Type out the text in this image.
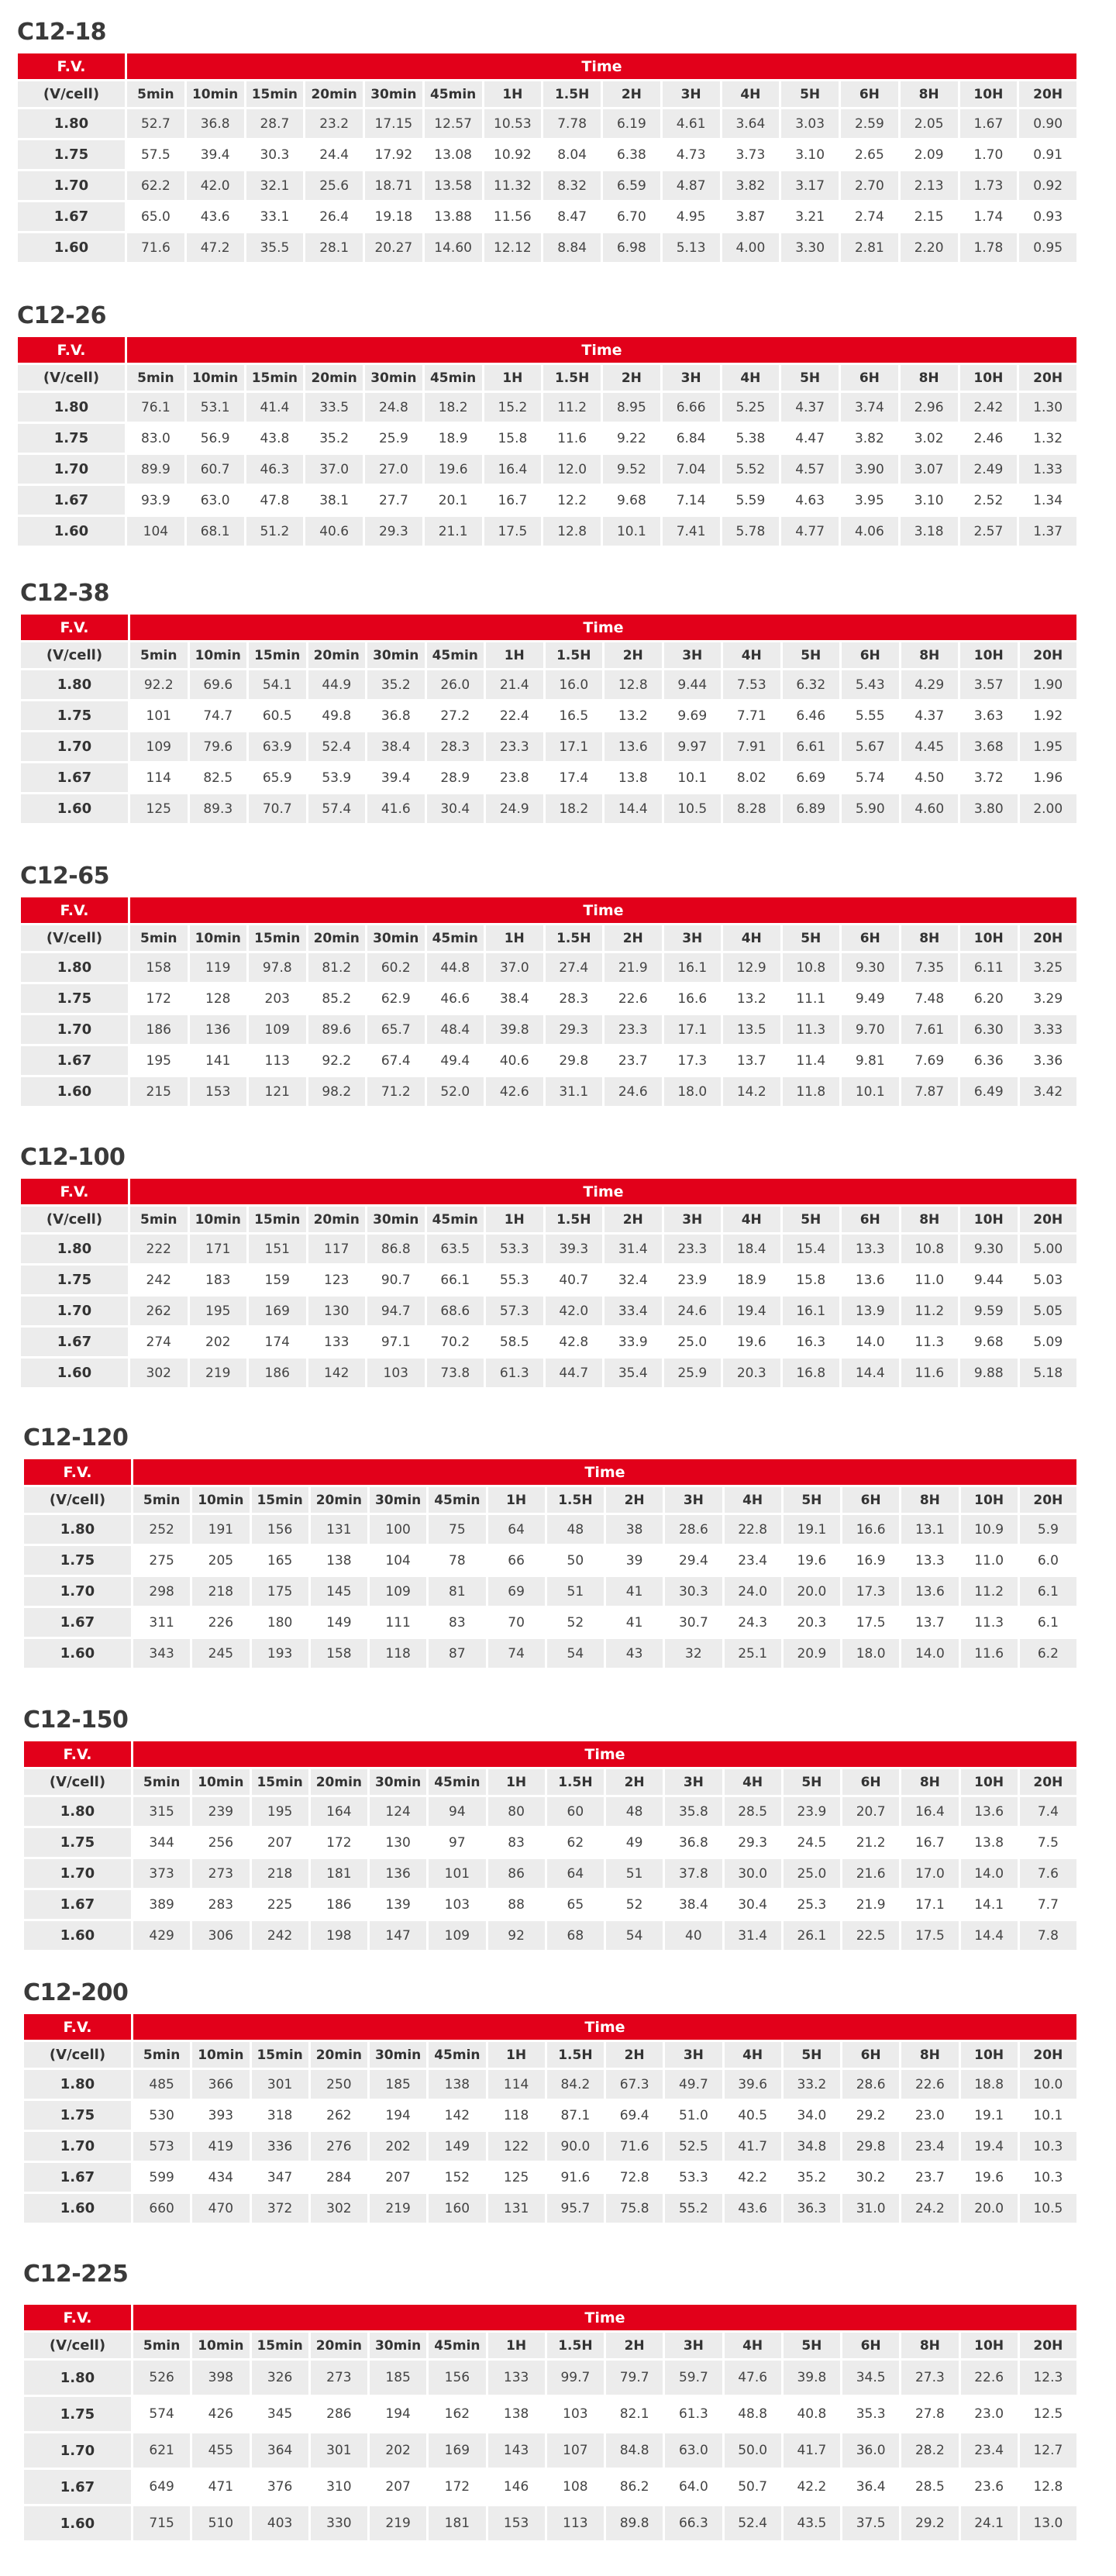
C12-18
F.V.	Time															
(V/cell)	5min	10min	15min	20min	30min	45min	1H	1.5H	2H	3H	4H	5H	6H	8H	10H	20H
1.80	52.7	36.8	28.7	23.2	17.15	12.57	10.53	7.78	6.19	4.61	3.64	3.03	2.59	2.05	1.67	0.90
1.75	57.5	39.4	30.3	24.4	17.92	13.08	10.92	8.04	6.38	4.73	3.73	3.10	2.65	2.09	1.70	0.91
1.70	62.2	42.0	32.1	25.6	18.71	13.58	11.32	8.32	6.59	4.87	3.82	3.17	2.70	2.13	1.73	0.92
1.67	65.0	43.6	33.1	26.4	19.18	13.88	11.56	8.47	6.70	4.95	3.87	3.21	2.74	2.15	1.74	0.93
1.60	71.6	47.2	35.5	28.1	20.27	14.60	12.12	8.84	6.98	5.13	4.00	3.30	2.81	2.20	1.78	0.95
C12-26
F.V.	Time															
(V/cell)	5min	10min	15min	20min	30min	45min	1H	1.5H	2H	3H	4H	5H	6H	8H	10H	20H
1.80	76.1	53.1	41.4	33.5	24.8	18.2	15.2	11.2	8.95	6.66	5.25	4.37	3.74	2.96	2.42	1.30
1.75	83.0	56.9	43.8	35.2	25.9	18.9	15.8	11.6	9.22	6.84	5.38	4.47	3.82	3.02	2.46	1.32
1.70	89.9	60.7	46.3	37.0	27.0	19.6	16.4	12.0	9.52	7.04	5.52	4.57	3.90	3.07	2.49	1.33
1.67	93.9	63.0	47.8	38.1	27.7	20.1	16.7	12.2	9.68	7.14	5.59	4.63	3.95	3.10	2.52	1.34
1.60	104	68.1	51.2	40.6	29.3	21.1	17.5	12.8	10.1	7.41	5.78	4.77	4.06	3.18	2.57	1.37
C12-38
F.V.	Time															
(V/cell)	5min	10min	15min	20min	30min	45min	1H	1.5H	2H	3H	4H	5H	6H	8H	10H	20H
1.80	92.2	69.6	54.1	44.9	35.2	26.0	21.4	16.0	12.8	9.44	7.53	6.32	5.43	4.29	3.57	1.90
1.75	101	74.7	60.5	49.8	36.8	27.2	22.4	16.5	13.2	9.69	7.71	6.46	5.55	4.37	3.63	1.92
1.70	109	79.6	63.9	52.4	38.4	28.3	23.3	17.1	13.6	9.97	7.91	6.61	5.67	4.45	3.68	1.95
1.67	114	82.5	65.9	53.9	39.4	28.9	23.8	17.4	13.8	10.1	8.02	6.69	5.74	4.50	3.72	1.96
1.60	125	89.3	70.7	57.4	41.6	30.4	24.9	18.2	14.4	10.5	8.28	6.89	5.90	4.60	3.80	2.00
C12-65
F.V.	Time															
(V/cell)	5min	10min	15min	20min	30min	45min	1H	1.5H	2H	3H	4H	5H	6H	8H	10H	20H
1.80	158	119	97.8	81.2	60.2	44.8	37.0	27.4	21.9	16.1	12.9	10.8	9.30	7.35	6.11	3.25
1.75	172	128	203	85.2	62.9	46.6	38.4	28.3	22.6	16.6	13.2	11.1	9.49	7.48	6.20	3.29
1.70	186	136	109	89.6	65.7	48.4	39.8	29.3	23.3	17.1	13.5	11.3	9.70	7.61	6.30	3.33
1.67	195	141	113	92.2	67.4	49.4	40.6	29.8	23.7	17.3	13.7	11.4	9.81	7.69	6.36	3.36
1.60	215	153	121	98.2	71.2	52.0	42.6	31.1	24.6	18.0	14.2	11.8	10.1	7.87	6.49	3.42
C12-100
F.V.	Time															
(V/cell)	5min	10min	15min	20min	30min	45min	1H	1.5H	2H	3H	4H	5H	6H	8H	10H	20H
1.80	222	171	151	117	86.8	63.5	53.3	39.3	31.4	23.3	18.4	15.4	13.3	10.8	9.30	5.00
1.75	242	183	159	123	90.7	66.1	55.3	40.7	32.4	23.9	18.9	15.8	13.6	11.0	9.44	5.03
1.70	262	195	169	130	94.7	68.6	57.3	42.0	33.4	24.6	19.4	16.1	13.9	11.2	9.59	5.05
1.67	274	202	174	133	97.1	70.2	58.5	42.8	33.9	25.0	19.6	16.3	14.0	11.3	9.68	5.09
1.60	302	219	186	142	103	73.8	61.3	44.7	35.4	25.9	20.3	16.8	14.4	11.6	9.88	5.18
C12-120
F.V.	Time															
(V/cell)	5min	10min	15min	20min	30min	45min	1H	1.5H	2H	3H	4H	5H	6H	8H	10H	20H
1.80	252	191	156	131	100	75	64	48	38	28.6	22.8	19.1	16.6	13.1	10.9	5.9
1.75	275	205	165	138	104	78	66	50	39	29.4	23.4	19.6	16.9	13.3	11.0	6.0
1.70	298	218	175	145	109	81	69	51	41	30.3	24.0	20.0	17.3	13.6	11.2	6.1
1.67	311	226	180	149	111	83	70	52	41	30.7	24.3	20.3	17.5	13.7	11.3	6.1
1.60	343	245	193	158	118	87	74	54	43	32	25.1	20.9	18.0	14.0	11.6	6.2
C12-150
F.V.	Time															
(V/cell)	5min	10min	15min	20min	30min	45min	1H	1.5H	2H	3H	4H	5H	6H	8H	10H	20H
1.80	315	239	195	164	124	94	80	60	48	35.8	28.5	23.9	20.7	16.4	13.6	7.4
1.75	344	256	207	172	130	97	83	62	49	36.8	29.3	24.5	21.2	16.7	13.8	7.5
1.70	373	273	218	181	136	101	86	64	51	37.8	30.0	25.0	21.6	17.0	14.0	7.6
1.67	389	283	225	186	139	103	88	65	52	38.4	30.4	25.3	21.9	17.1	14.1	7.7
1.60	429	306	242	198	147	109	92	68	54	40	31.4	26.1	22.5	17.5	14.4	7.8
C12-200
F.V.	Time															
(V/cell)	5min	10min	15min	20min	30min	45min	1H	1.5H	2H	3H	4H	5H	6H	8H	10H	20H
1.80	485	366	301	250	185	138	114	84.2	67.3	49.7	39.6	33.2	28.6	22.6	18.8	10.0
1.75	530	393	318	262	194	142	118	87.1	69.4	51.0	40.5	34.0	29.2	23.0	19.1	10.1
1.70	573	419	336	276	202	149	122	90.0	71.6	52.5	41.7	34.8	29.8	23.4	19.4	10.3
1.67	599	434	347	284	207	152	125	91.6	72.8	53.3	42.2	35.2	30.2	23.7	19.6	10.3
1.60	660	470	372	302	219	160	131	95.7	75.8	55.2	43.6	36.3	31.0	24.2	20.0	10.5
C12-225
F.V.	Time															
(V/cell)	5min	10min	15min	20min	30min	45min	1H	1.5H	2H	3H	4H	5H	6H	8H	10H	20H
1.80	526	398	326	273	185	156	133	99.7	79.7	59.7	47.6	39.8	34.5	27.3	22.6	12.3
1.75	574	426	345	286	194	162	138	103	82.1	61.3	48.8	40.8	35.3	27.8	23.0	12.5
1.70	621	455	364	301	202	169	143	107	84.8	63.0	50.0	41.7	36.0	28.2	23.4	12.7
1.67	649	471	376	310	207	172	146	108	86.2	64.0	50.7	42.2	36.4	28.5	23.6	12.8
1.60	715	510	403	330	219	181	153	113	89.8	66.3	52.4	43.5	37.5	29.2	24.1	13.0
